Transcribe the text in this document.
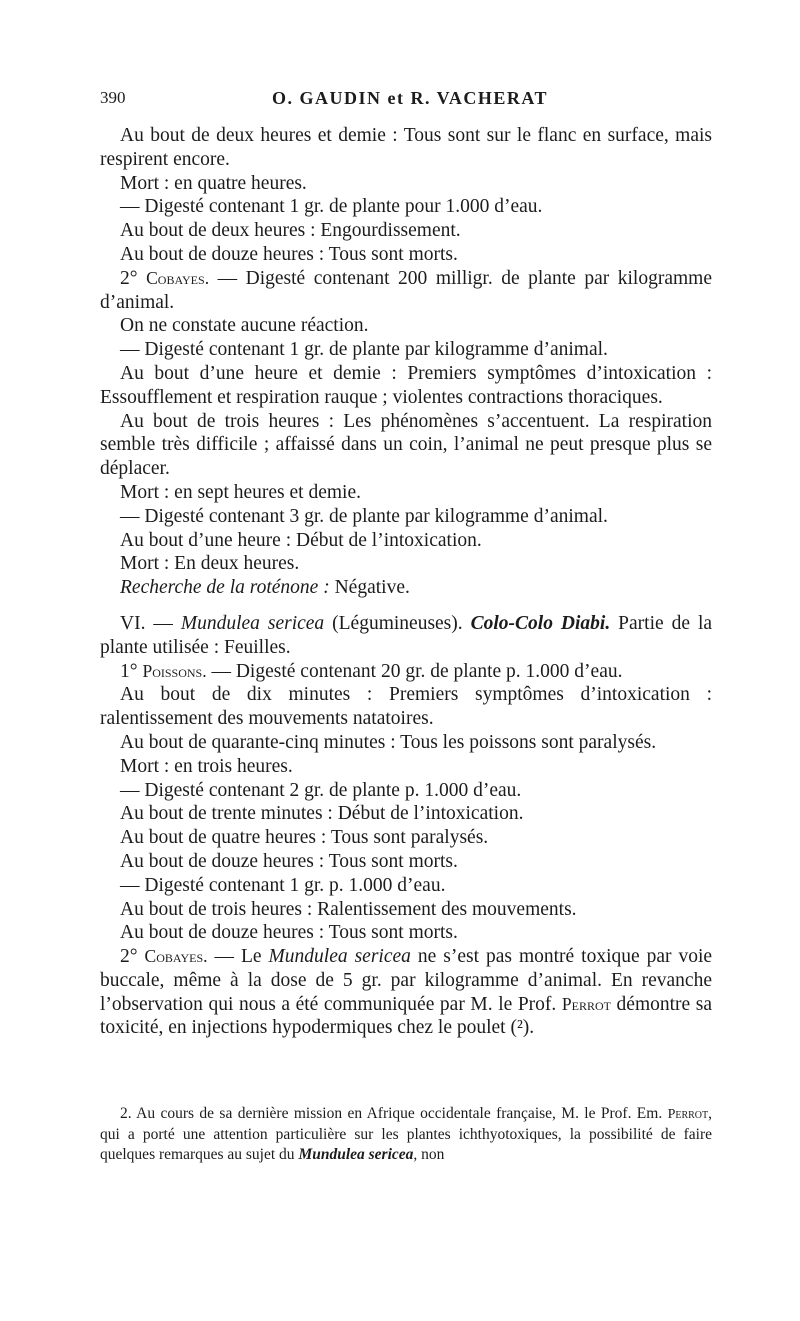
390	O. GAUDIN et R. VACHERAT

Au bout de deux heures et demie : Tous sont sur le flanc en surface, mais respirent encore.

Mort : en quatre heures.

— Digesté contenant 1 gr. de plante pour 1.000 d’eau.

Au bout de deux heures : Engourdissement.

Au bout de douze heures : Tous sont morts.

2° Cobayes. — Digesté contenant 200 milligr. de plante par kilogramme d’animal.

On ne constate aucune réaction.

— Digesté contenant 1 gr. de plante par kilogramme d’animal.

Au bout d’une heure et demie : Premiers symptômes d’intoxication : Essoufflement et respiration rauque ; violentes contractions thoraciques.

Au bout de trois heures : Les phénomènes s’accentuent. La respiration semble très difficile ; affaissé dans un coin, l’animal ne peut presque plus se déplacer.

Mort : en sept heures et demie.

— Digesté contenant 3 gr. de plante par kilogramme d’animal.

Au bout d’une heure : Début de l’intoxication.

Mort : En deux heures.

Recherche de la roténone : Négative.

VI. — Mundulea sericea (Légumineuses). Colo-Colo Diabi. Partie de la plante utilisée : Feuilles.

1° Poissons. — Digesté contenant 20 gr. de plante p. 1.000 d’eau.

Au bout de dix minutes : Premiers symptômes d’intoxication : ralentissement des mouvements natatoires.

Au bout de quarante-cinq minutes : Tous les poissons sont paralysés.

Mort : en trois heures.

— Digesté contenant 2 gr. de plante p. 1.000 d’eau.

Au bout de trente minutes : Début de l’intoxication.

Au bout de quatre heures : Tous sont paralysés.

Au bout de douze heures : Tous sont morts.

— Digesté contenant 1 gr. p. 1.000 d’eau.

Au bout de trois heures : Ralentissement des mouvements.

Au bout de douze heures : Tous sont morts.

2° Cobayes. — Le Mundulea sericea ne s’est pas montré toxique par voie buccale, même à la dose de 5 gr. par kilogramme d’animal. En revanche l’observation qui nous a été communiquée par M. le Prof. Perrot démontre sa toxicité, en injections hypodermiques chez le poulet (²).

2. Au cours de sa dernière mission en Afrique occidentale française, M. le Prof. Em. Perrot, qui a porté une attention particulière sur les plantes ichthyotoxiques, la possibilité de faire quelques remarques au sujet du Mundulea sericea, non
